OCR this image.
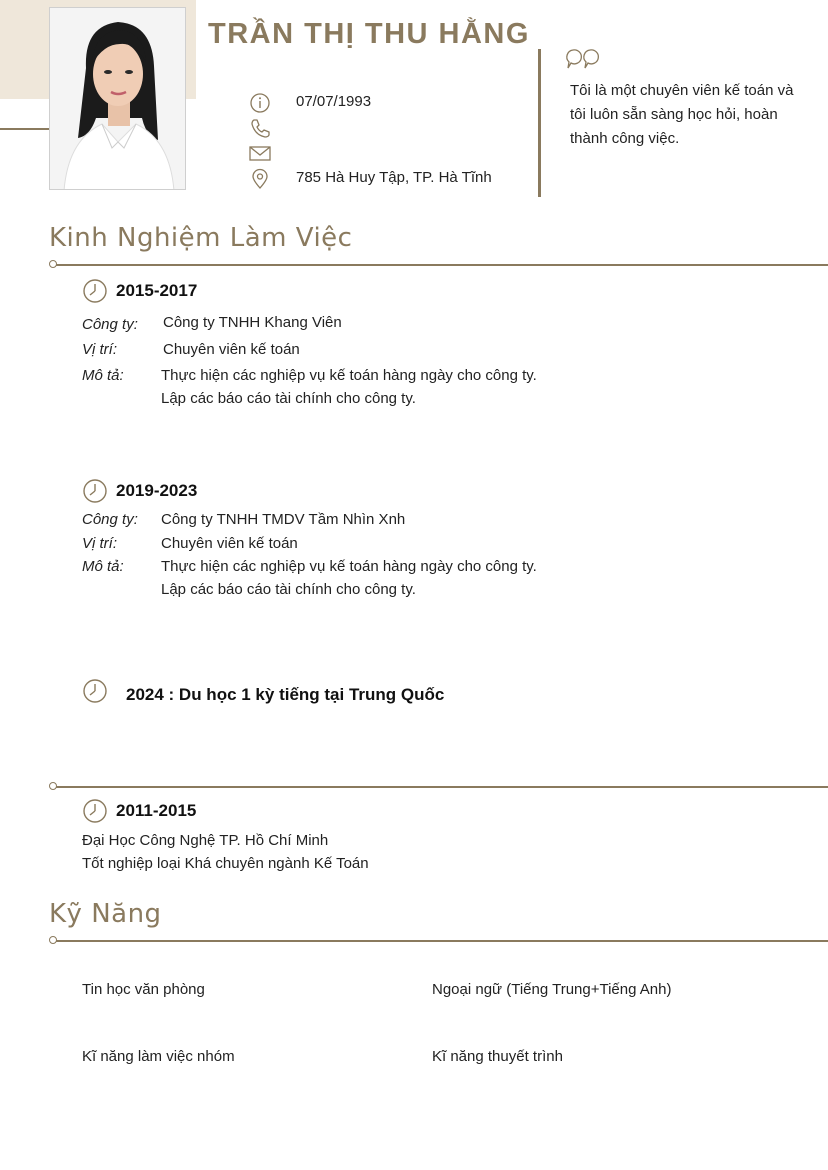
TRẦN THỊ THU HẰNG
07/07/1993
785 Hà Huy Tập, TP. Hà Tĩnh
Tôi là một chuyên viên kế toán và tôi luôn sẵn sàng học hỏi, hoàn thành công việc.
Kinh Nghiệm Làm Việc
2015-2017
Công ty: Công ty TNHH Khang Viên
Vị trí:	Chuyên viên kế toán
Mô tả: Thực hiện các nghiệp vụ kế toán hàng ngày cho công ty.
Lập các báo cáo tài chính cho công ty.
2019-2023
Công ty: Công ty TNHH TMDV Tầm Nhìn Xnh
Vị trí:	Chuyên viên kế toán
Mô tả: Thực hiện các nghiệp vụ kế toán hàng ngày cho công ty.
Lập các báo cáo tài chính cho công ty.
2024 : Du học 1 kỳ tiếng tại Trung Quốc
2011-2015
Đại Học Công Nghệ TP. Hồ Chí Minh
Tốt nghiệp loại Khá chuyên ngành Kế Toán
Kỹ Năng
Tin học văn phòng	Ngoại ngữ (Tiếng Trung+Tiếng Anh)
Kĩ năng làm việc nhóm	Kĩ năng thuyết trình
